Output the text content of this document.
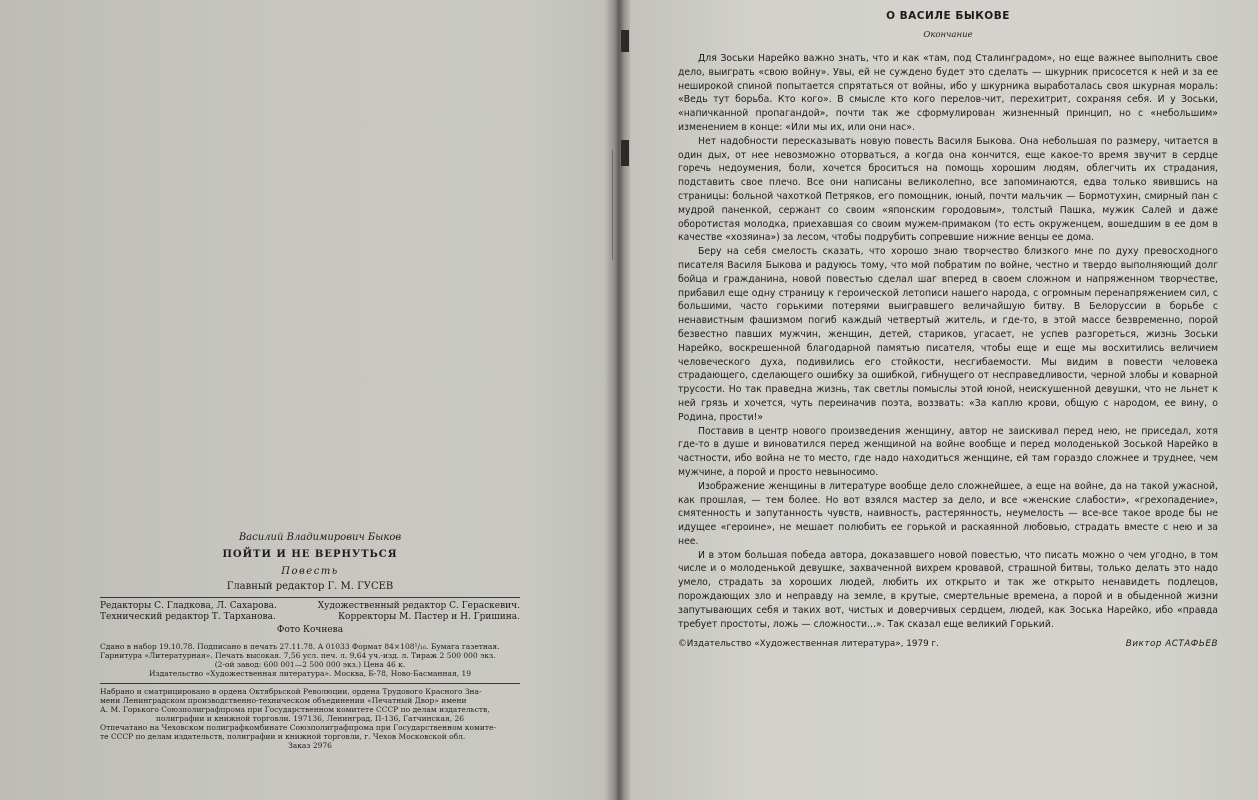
Василий Владимирович Быков
ПОЙТИ И НЕ ВЕРНУТЬСЯ
Повесть
Главный редактор Г. М. ГУСЕВ
Редакторы С. Гладкова, Л. Сахарова.	Художественный редактор С. Гераскевич.
Технический редактор Т. Тарханова.	Корректоры М. Пастер и Н. Гришина.
Фото Кочнева
Сдано в набор 19.10.78. Подписано в печать 27.11.78. А 01033 Формат 84×108¹/₁₆. Бумага газетная.
Гарнитура «Литературная». Печать высокая. 7,56 усл. печ. л. 9,64 уч.-изд. л. Тираж 2 500 000 экз.
(2-ой завод: 600 001—2 500 000 экз.) Цена 46 к.
Издательство «Художественная литература». Москва, Б-78, Ново-Басманная, 19
Набрано и сматрицировано в ордена Октябрьской Революции, ордена Трудового Красного Зна-
мени Ленинградском производственно-техническом объединении «Печатный Двор» имени
А. М. Горького Союзполиграфпрома при Государственном комитете СССР по делам издательств,
полиграфии и книжной торговли. 197136, Ленинград, П-136, Гатчинская, 26
Отпечатано на Чеховском полиграфкомбинате Союзполиграфпрома при Государственном комите-
те СССР по делам издательств, полиграфии и книжной торговли, г. Чехов Московской обл.
Заказ 2976
О ВАСИЛЕ БЫКОВЕ
Окончание

Для Зоськи Нарейко важно знать, что и как «там, под Сталинградом», но еще важнее выполнить свое дело, выиграть «свою войну». Увы, ей не суждено будет это сделать — шкурник присосется к ней и за ее неширокой спиной попытается спрятаться от войны, ибо у шкурника выработалась своя шкурная мораль: «Ведь тут борьба. Кто кого». В смысле кто кого перелов-чит, перехитрит, сохраняя себя. И у Зоськи, «напичканной пропагандой», почти так же сформулирован жизненный принцип, но с «небольшим» изменением в конце: «Или мы их, или они нас».

Нет надобности пересказывать новую повесть Василя Быкова. Она небольшая по размеру, читается в один дых, от нее невозможно оторваться, а когда она кончится, еще какое-то время звучит в сердце горечь недоумения, боли, хочется броситься на помощь хорошим людям, облегчить их страдания, подставить свое плечо. Все они написаны великолепно, все запоминаются, едва только явившись на страницы: больной чахоткой Петряков, его помощник, юный, почти мальчик — Бормотухин, смирный пан с мудрой паненкой, сержант со своим «японским городовым», толстый Пашка, мужик Салей и даже оборотистая молодка, приехавшая со своим мужем-примаком (то есть окруженцем, вошедшим в ее дом в качестве «хозяина») за лесом, чтобы подрубить сопревшие нижние венцы ее дома.

Беру на себя смелость сказать, что хорошо знаю творчество близкого мне по духу превосходного писателя Василя Быкова и радуюсь тому, что мой побратим по войне, честно и твердо выполняющий долг бойца и гражданина, новой повестью сделал шаг вперед в своем сложном и напряженном творчестве, прибавил еще одну страницу к героической летописи нашего народа, с огромным перенапряжением сил, с большими, часто горькими потерями выигравшего величайшую битву. В Белоруссии в борьбе с ненавистным фашизмом погиб каждый четвертый житель, и где-то, в этой массе безвременно, порой безвестно павших мужчин, женщин, детей, стариков, угасает, не успев разгореться, жизнь Зоськи Нарейко, воскрешенной благодарной памятью писателя, чтобы еще и еще мы восхитились величием человеческого духа, подивились его стойкости, несгибаемости. Мы видим в повести человека страдающего, сделающего ошибку за ошибкой, гибнущего от несправедливости, черной злобы и коварной трусости. Но так праведна жизнь, так светлы помыслы этой юной, неискушенной девушки, что не льнет к ней грязь и хочется, чуть переиначив поэта, воззвать: «За каплю крови, общую с народом, ее вину, о Родина, прости!»

Поставив в центр нового произведения женщину, автор не заискивал перед нею, не приседал, хотя где-то в душе и виноватился перед женщиной на войне вообще и перед молоденькой Зоськой Нарейко в частности, ибо война не то место, где надо находиться женщине, ей там гораздо сложнее и труднее, чем мужчине, а порой и просто невыносимо.

Изображение женщины в литературе вообще дело сложнейшее, а еще на войне, да на такой ужасной, как прошлая, — тем более. Но вот взялся мастер за дело, и все «женские слабости», «грехопадение», смятенность и запутанность чувств, наивность, растерянность, неумелость — все-все такое вроде бы не идущее «героине», не мешает полюбить ее горькой и раскаянной любовью, страдать вместе с нею и за нее.

И в этом большая победа автора, доказавшего новой повестью, что писать можно о чем угодно, в том числе и о молоденькой девушке, захваченной вихрем кровавой, страшной битвы, только делать это надо умело, страдать за хороших людей, любить их открыто и так же открыто ненавидеть подлецов, порождающих зло и неправду на земле, в крутые, смертельные времена, а порой и в обыденной жизни запутывающих себя и таких вот, чистых и доверчивых сердцем, людей, как Зоська Нарейко, ибо «правда требует простоты, ложь — сложности...». Так сказал еще великий Горький.

©Издательство «Художественная литература», 1979 г.	Виктор АСТАФЬЕВ
